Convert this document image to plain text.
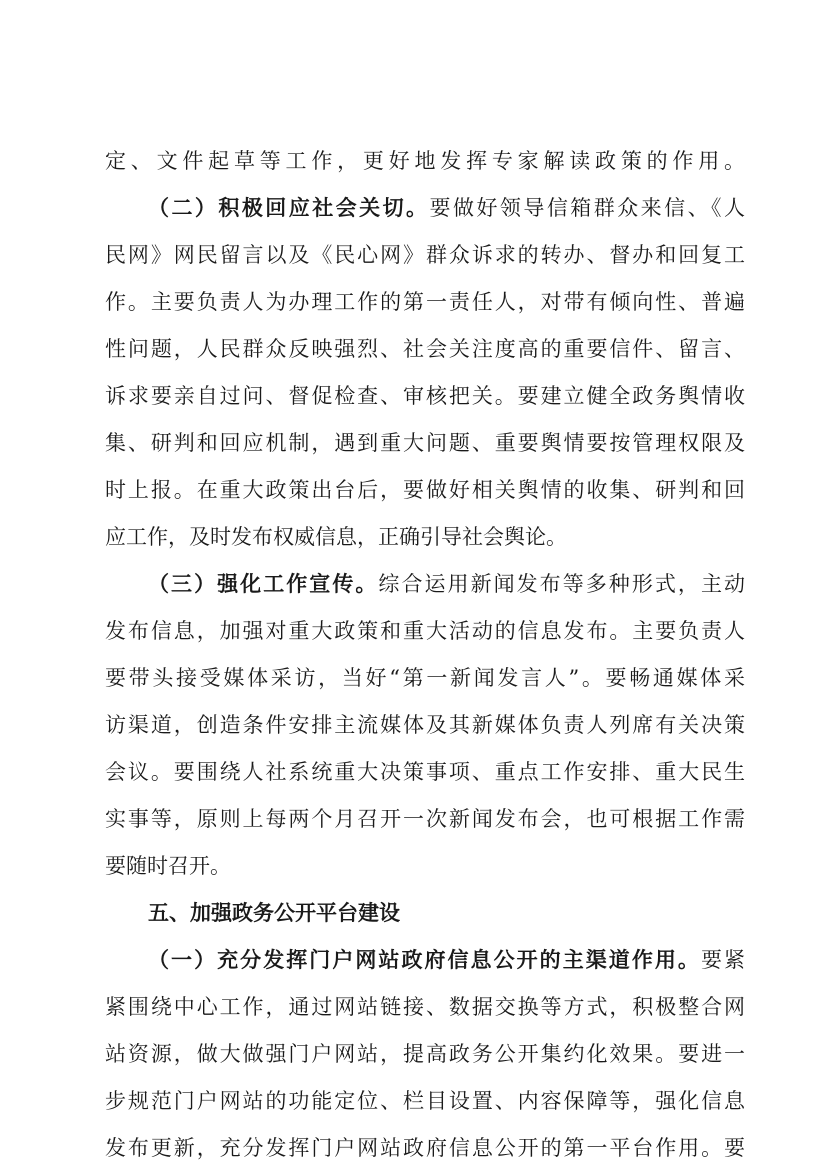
定、文件起草等工作，更好地发挥专家解读政策的作用。
（二）积极回应社会关切。要做好领导信箱群众来信、《人
民网》网民留言以及《民心网》群众诉求的转办、督办和回复工
作。主要负责人为办理工作的第一责任人，对带有倾向性、普遍
性问题，人民群众反映强烈、社会关注度高的重要信件、留言、
诉求要亲自过问、督促检查、审核把关。要建立健全政务舆情收
集、研判和回应机制，遇到重大问题、重要舆情要按管理权限及
时上报。在重大政策出台后，要做好相关舆情的收集、研判和回
应工作，及时发布权威信息，正确引导社会舆论。
（三）强化工作宣传。综合运用新闻发布等多种形式，主动
发布信息，加强对重大政策和重大活动的信息发布。主要负责人
要带头接受媒体采访，当好“第一新闻发言人”。要畅通媒体采
访渠道，创造条件安排主流媒体及其新媒体负责人列席有关决策
会议。要围绕人社系统重大决策事项、重点工作安排、重大民生
实事等，原则上每两个月召开一次新闻发布会，也可根据工作需
要随时召开。
五、加强政务公开平台建设
（一）充分发挥门户网站政府信息公开的主渠道作用。要紧
紧围绕中心工作，通过网站链接、数据交换等方式，积极整合网
站资源，做大做强门户网站，提高政务公开集约化效果。要进一
步规范门户网站的功能定位、栏目设置、内容保障等，强化信息
发布更新，充分发挥门户网站政府信息公开的第一平台作用。要
